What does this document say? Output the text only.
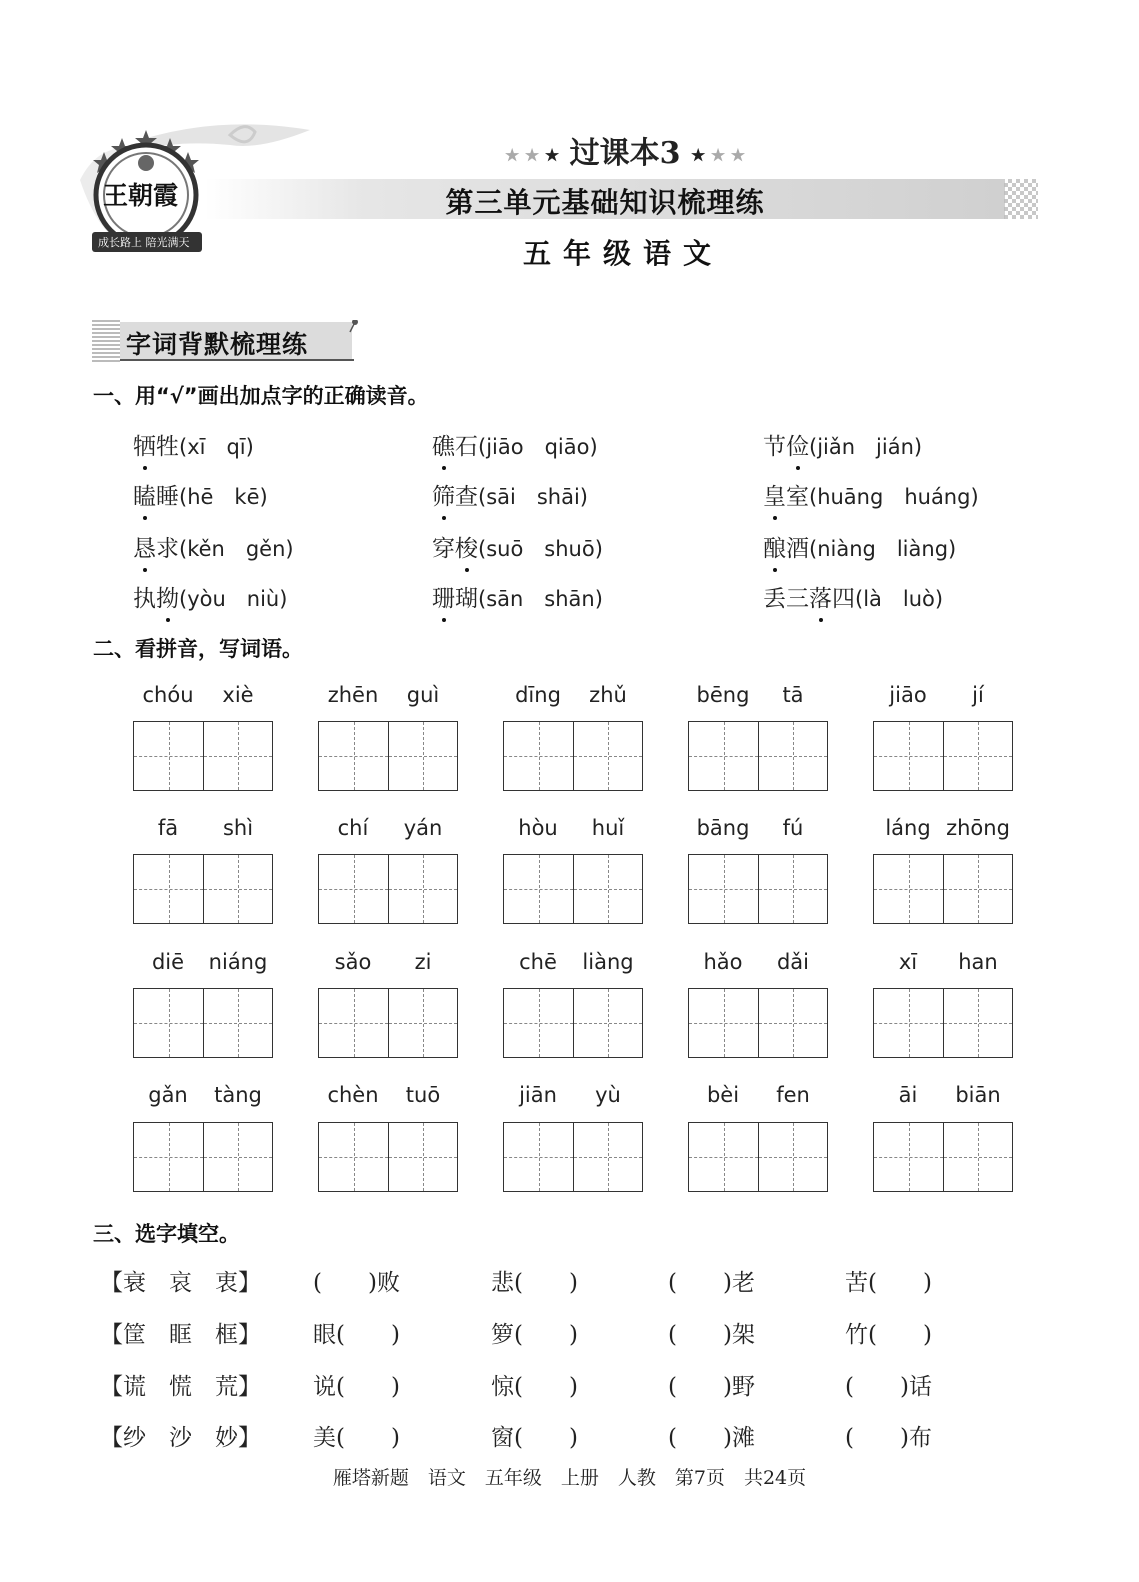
王朝霞
成长路上 陪光满天
★ ★ ★ 过课本3 ★ ★ ★
第三单元基础知识梳理练
五年级语文
字词背默梳理练
一、用“√”画出加点字的正确读音。
牺牲(xī　qī)	礁石(jiāo　qiāo)	节俭(jiǎn　jián)
瞌睡(hē　kē)	筛查(sāi　shāi)	皇室(huāng　huáng)
恳求(kěn　gěn)	穿梭(suō　shuō)	酿酒(niàng　liàng)
执拗(yòu　niù)	珊瑚(sān　shān)	丢三落四(là　luò)
二、看拼音，写词语。
chóu xiè	zhēn guì	dīng zhǔ	bēng tā	jiāo jí
fā shì	chí yán	hòu huǐ	bāng fú	láng zhōng
diē niáng	sǎo zi	chē liàng	hǎo dǎi	xī han
gǎn tàng	chèn tuō	jiān yù	bèi fen	āi biān
三、选字填空。
【衰　哀　衷】 (　　)败	悲(　　)	(　　)老	苦(　　)
【筐　眶　框】 眼(　　)	箩(　　)	(　　)架	竹(　　)
【谎　慌　荒】 说(　　)	惊(　　)	(　　)野	(　　)话
【纱　沙　妙】 美(　　)	窗(　　)	(　　)滩	(　　)布
雁塔新题　语文　五年级　上册　人教　第7页　共24页
